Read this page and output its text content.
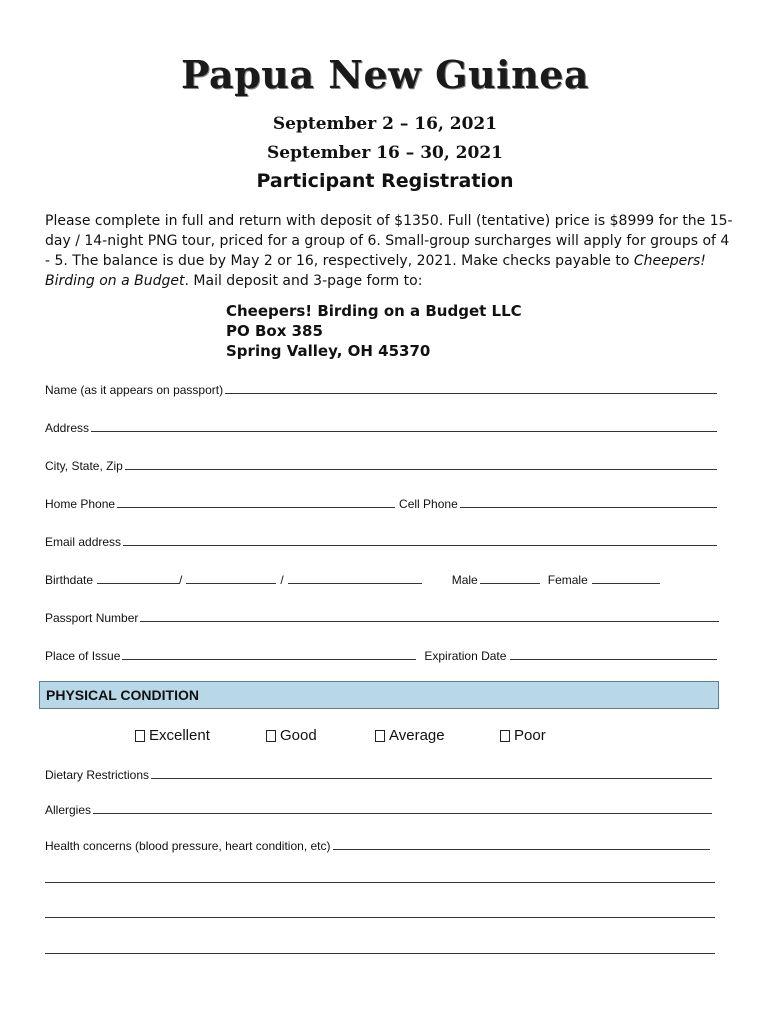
Papua New Guinea
September 2 – 16, 2021
September 16 – 30, 2021
Participant Registration
Please complete in full and return with deposit of $1350. Full (tentative) price is $8999 for the 15-day / 14-night PNG tour, priced for a group of 6. Small-group surcharges will apply for groups of 4 - 5. The balance is due by May 2 or 16, respectively, 2021. Make checks payable to Cheepers! Birding on a Budget. Mail deposit and 3-page form to:
Cheepers! Birding on a Budget LLC
PO Box 385
Spring Valley, OH 45370
Name (as it appears on passport)
Address
City, State, Zip
Home Phone	Cell Phone
Email address
Birthdate	/	/	Male	Female
Passport Number
Place of Issue	Expiration Date
PHYSICAL CONDITION
Excellent	Good	Average	Poor
Dietary Restrictions
Allergies
Health concerns (blood pressure, heart condition, etc)
